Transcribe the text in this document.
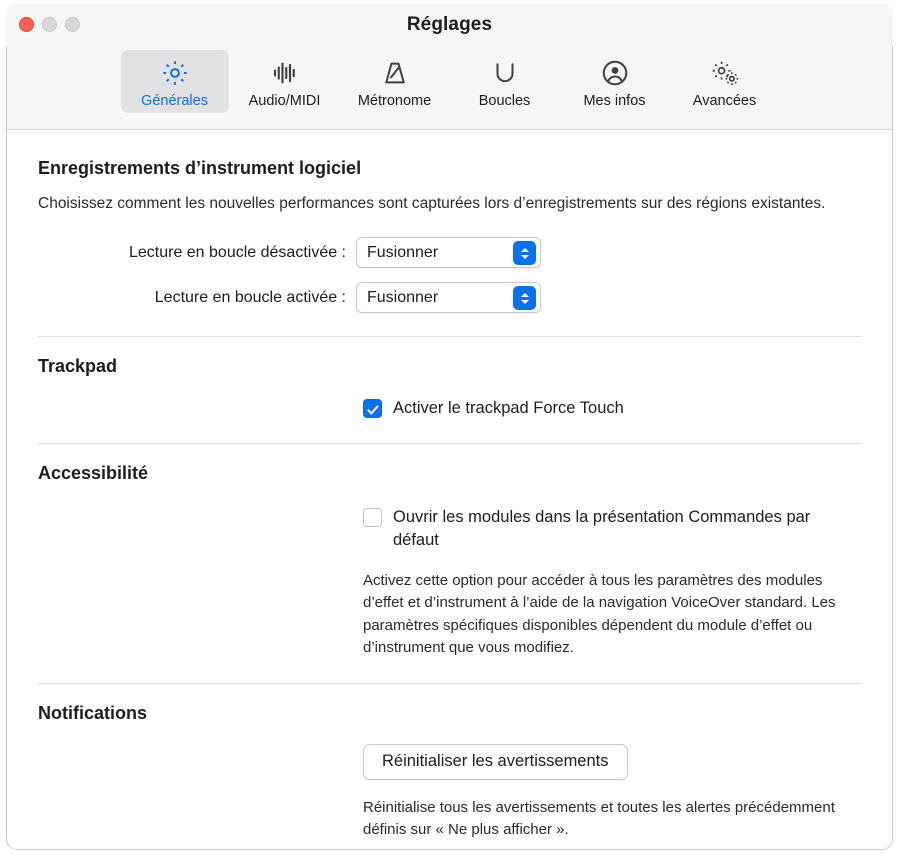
Réglages
Générales	Audio/MIDI	Métronome	Boucles	Mes infos	Avancées
Enregistrements d’instrument logiciel
Choisissez comment les nouvelles performances sont capturées lors d’enregistrements sur des régions existantes.
Lecture en boucle désactivée :	Fusionner
Lecture en boucle activée :	Fusionner
Trackpad
Activer le trackpad Force Touch
Accessibilité
Ouvrir les modules dans la présentation Commandes par défaut
Activez cette option pour accéder à tous les paramètres des modules d’effet et d’instrument à l’aide de la navigation VoiceOver standard. Les paramètres spécifiques disponibles dépendent du module d’effet ou d’instrument que vous modifiez.
Notifications
Réinitialiser les avertissements
Réinitialise tous les avertissements et toutes les alertes précédemment définis sur « Ne plus afficher ».
